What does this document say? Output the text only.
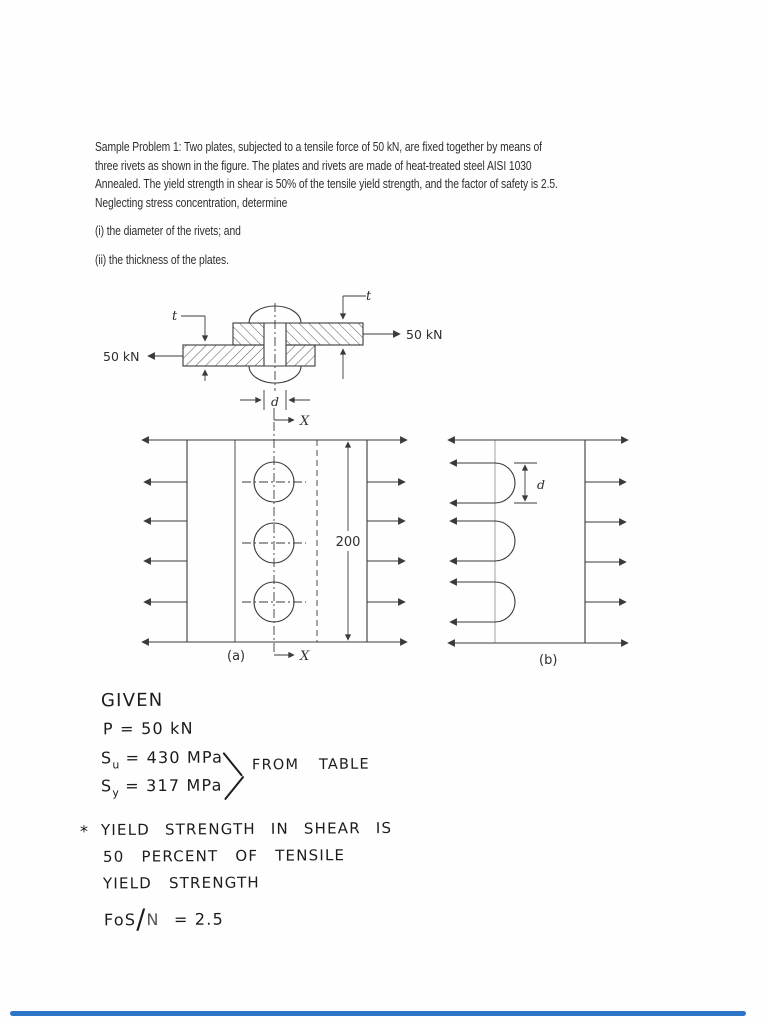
Sample Problem 1: Two plates, subjected to a tensile force of 50 kN, are fixed together by means of
three rivets as shown in the figure. The plates and rivets are made of heat-treated steel AISI 1030
Annealed. The yield strength in shear is 50% of the tensile yield strength, and the factor of safety is 2.5.
Neglecting stress concentration, determine
(i) the diameter of the rivets; and
(ii) the thickness of the plates.
50 kN
50 kN
t
t
d
200
X
X
(a)
d
(b)
GIVEN
P = 50 kN
$S_u = 430$ MPa
$S_y = 317$ MPa
FROM TABLE
* YIELD STRENGTH IN SHEAR IS
50 PERCENT OF TENSILE
YIELD STRENGTH
FoS/N = 2.5
